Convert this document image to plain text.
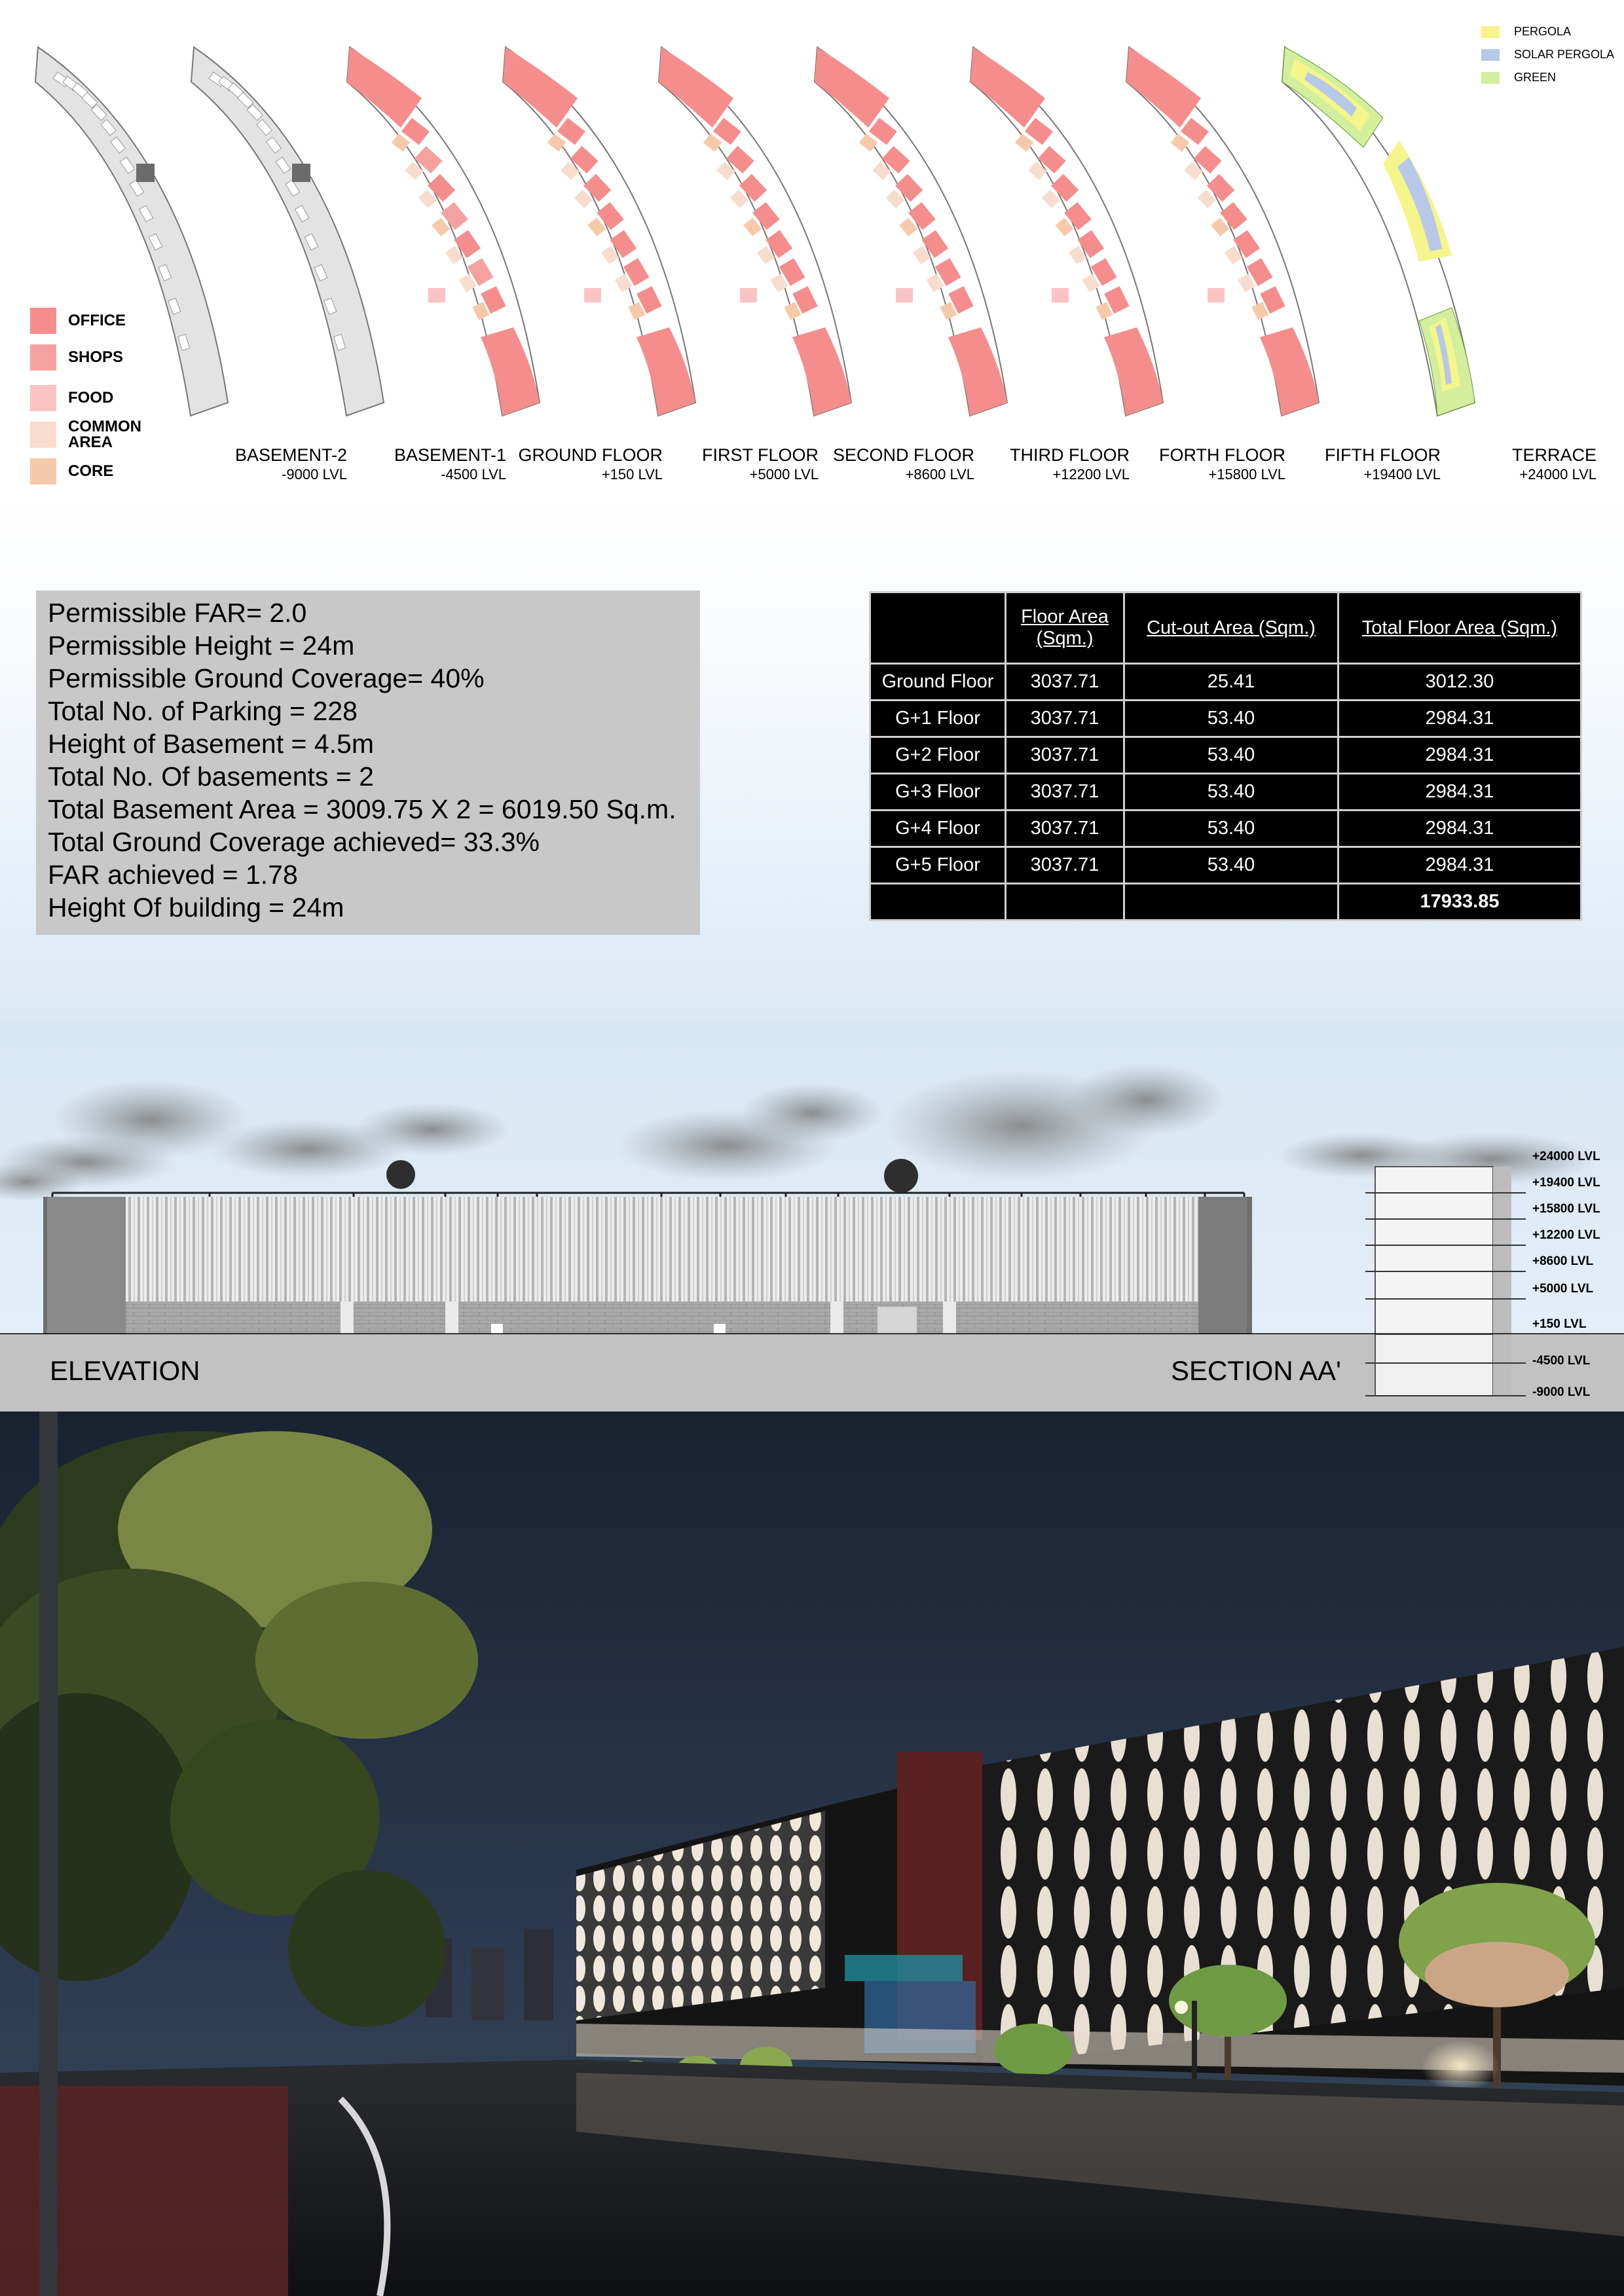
OFFICE
SHOPS
FOOD
COMMON AREA
CORE
PERGOLA
SOLAR PERGOLA
GREEN
BASEMENT-2
-9000 LVL
BASEMENT-1
-4500 LVL
GROUND FLOOR
+150 LVL
FIRST FLOOR
+5000 LVL
SECOND FLOOR
+8600 LVL
THIRD FLOOR
+12200 LVL
FORTH FLOOR
+15800 LVL
FIFTH FLOOR
+19400 LVL
TERRACE
+24000 LVL
Permissible FAR= 2.0
Permissible Height = 24m
Permissible Ground Coverage= 40%
Total No. of Parking = 228
Height of Basement = 4.5m
Total No. Of basements = 2
Total Basement Area = 3009.75 X 2 = 6019.50 Sq.m.
Total Ground Coverage achieved= 33.3%
FAR achieved = 1.78
Height Of building = 24m
	Floor Area (Sqm.)	Cut-out Area (Sqm.)	Total Floor Area (Sqm.)
Ground Floor	3037.71	25.41	3012.30
G+1 Floor	3037.71	53.40	2984.31
G+2 Floor	3037.71	53.40	2984.31
G+3 Floor	3037.71	53.40	2984.31
G+4 Floor	3037.71	53.40	2984.31
G+5 Floor	3037.71	53.40	2984.31
			17933.85
+24000 LVL
+19400 LVL
+15800 LVL
+12200 LVL
+8600 LVL
+5000 LVL
+150 LVL
ELEVATION	SECTION AA'	-4500 LVL
-9000 LVL
